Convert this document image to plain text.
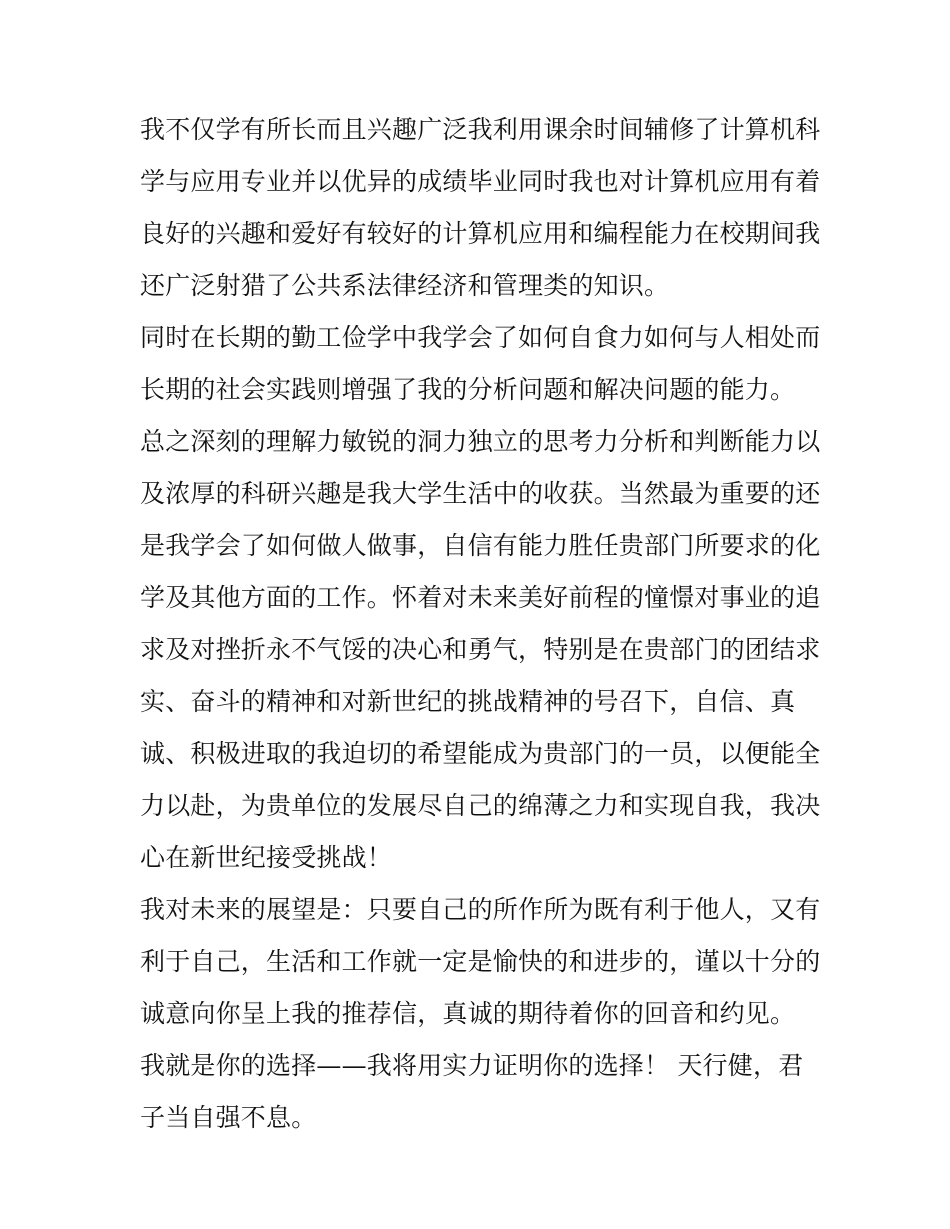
我不仅学有所长而且兴趣广泛我利用课余时间辅修了计算机科
学与应用专业并以优异的成绩毕业同时我也对计算机应用有着
良好的兴趣和爱好有较好的计算机应用和编程能力在校期间我
还广泛射猎了公共系法律经济和管理类的知识。
同时在长期的勤工俭学中我学会了如何自食力如何与人相处而
长期的社会实践则增强了我的分析问题和解决问题的能力。
总之深刻的理解力敏锐的洞力独立的思考力分析和判断能力以
及浓厚的科研兴趣是我大学生活中的收获。当然最为重要的还
是我学会了如何做人做事，自信有能力胜任贵部门所要求的化
学及其他方面的工作。怀着对未来美好前程的憧憬对事业的追
求及对挫折永不气馁的决心和勇气，特别是在贵部门的团结求
实、奋斗的精神和对新世纪的挑战精神的号召下，自信、真
诚、积极进取的我迫切的希望能成为贵部门的一员，以便能全
力以赴，为贵单位的发展尽自己的绵薄之力和实现自我，我决
心在新世纪接受挑战！
我对未来的展望是：只要自己的所作所为既有利于他人，又有
利于自己，生活和工作就一定是愉快的和进步的，谨以十分的
诚意向你呈上我的推荐信，真诚的期待着你的回音和约见。
我就是你的选择——我将用实力证明你的选择！ 天行健，君
子当自强不息。
